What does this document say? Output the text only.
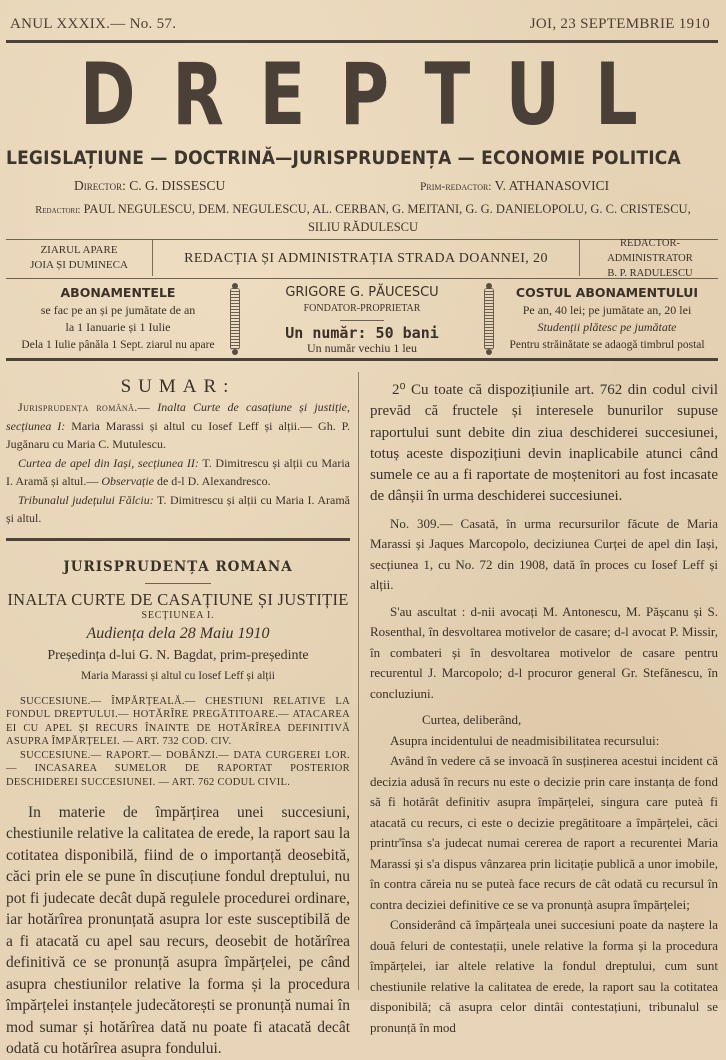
ANUL XXXIX.— No. 57.	JOI, 23 SEPTEMBRIE 1910
D R E P T U L
LEGISLAȚIUNE — DOCTRINĂ—JURISPRUDENȚA — ECONOMIE POLITICA
Director: C. G. DISSESCU	Prim-redactor: V. ATHANASOVICI
Redactori: PAUL NEGULESCU, DEM. NEGULESCU, AL. CERBAN, G. MEITANI, G. G. DANIELOPOLU, G. C. CRISTESCU,
SILIU RĂDULESCU
ZIARUL APARE
JOIA ȘI DUMINECA	REDACȚIA ȘI ADMINISTRAȚIA STRADA DOANNEI, 20
REDACTOR-ADMINISTRATOR
B. P. RADULESCU
ABONAMENTELE
se fac pe an și pe jumătate de an
la 1 Ianuarie și 1 Iulie
Dela 1 Iulie pânăla 1 Sept. ziarul nu apare
GRIGORE G. PĂUCESCU
FONDATOR-PROPRIETAR
Un număr: 50 bani
Un număr vechiu 1 leu
COSTUL ABONAMENTULUI
Pe an, 40 lei; pe jumătate an, 20 lei
Studenții plătesc pe jumătate
Pentru străinătate se adaogă timbrul postal
SUMAR:

Jurisprudența română.— Inalta Curte de casațiune și justiție, secțiunea I: Maria Marassi și altul cu Iosef Leff și alții.— Gh. P. Jugănaru cu Maria C. Mutulescu.

Curtea de apel din Iași, secțiunea II: T. Dimitrescu și alții cu Maria I. Aramă și altul.— Observație de d-l D. Alexandresco.

Tribunalul județului Fălciu: T. Dimitrescu și alții cu Maria I. Aramă și altul.

JURISPRUDENȚA ROMANA
INALTA CURTE DE CASAȚIUNE ȘI JUSTIȚIE
SECȚIUNEA I.
Audiența dela 28 Maiu 1910
Președința d-lui G. N. Bagdat, prim-președinte
Maria Marassi și altul cu Iosef Leff și alții

SUCCESIUNE.— ÎMPĂRȚEALĂ.— CHESTIUNI RELATIVE LA FONDUL DREPTULUI.— HOTĂRÎRE PREGĂTITOARE.— ATACAREA EI CU APEL ȘI RECURS ÎNAINTE DE HOTĂRÎREA DEFINITIVĂ ASUPRA ÎMPĂRȚELEI. — ART. 732 COD. CIV.

SUCCESIUNE.— RAPORT.— DOBÂNZI.— DATA CURGEREI LOR.— INCASAREA SUMELOR DE RAPORTAT POSTERIOR DESCHIDEREI SUCCESIUNEI. — ART. 762 CODUL CIVIL.

In materie de împărțirea unei succesiuni, chestiunile relative la calitatea de erede, la raport sau la cotitatea disponibilă, fiind de o importanță deosebită, căci prin ele se pune în discuțiune fondul dreptului, nu pot fi judecate decât după regulele procedurei ordinare, iar hotărîrea pronunțată asupra lor este susceptibilă de a fi atacată cu apel sau recurs, deosebit de hotărîrea definitivă ce se pronunță asupra împărțelei, pe când asupra chestiunilor relative la forma și la procedura împărțelei instanțele judecătorești se pronunță numai în mod sumar și hotărîrea dată nu poate fi atacată decât odată cu hotărîrea asupra fondului.

2⁰ Cu toate că dispozițiunile art. 762 din codul civil prevăd că fructele și interesele bunurilor supuse raportului sunt debite din ziua deschiderei succesiunei, totuș aceste dispozițiuni devin inaplicabile atunci când sumele ce au a fi raportate de moștenitori au fost incasate de dânșii în urma deschiderei succesiunei.

No. 309.— Casată, în urma recursurilor făcute de Maria Marassi și Jaques Marcopolo, deciziunea Curței de apel din Iași, secțiunea 1, cu No. 72 din 1908, dată în proces cu Iosef Leff și alții.

S'au ascultat : d-nii avocați M. Antonescu, M. Pășcanu și S. Rosenthal, în desvoltarea motivelor de casare; d-l avocat P. Missir, în combateri și în desvoltarea motivelor de casare pentru recurentul J. Marcopolo; d-l procuror general Gr. Stefănescu, în concluziuni.

Curtea, deliberând,

Asupra incidentului de neadmisibilitatea recursului:

Având în vedere că se invoacă în susținerea acestui incident că decizia adusă în recurs nu este o decizie prin care instanța de fond să fi hotărât definitiv asupra împărțelei, singura care puteà fi atacată cu recurs, ci este o decizie pregătitoare a împărțelei, căci printr'însa s'a judecat numai cererea de raport a recurentei Maria Marassi și s'a dispus vânzarea prin licitație publică a unor imobile, în contra căreia nu se puteà face recurs de cât odată cu recursul în contra deciziei definitive ce se va pronunțà asupra împărțelei;

Considerând că împărțeala unei succesiuni poate da naștere la două feluri de contestații, unele relative la forma și la procedura împărțelei, iar altele relative la fondul dreptului, cum sunt chestiunile relative la calitatea de erede, la raport sau la cotitatea disponibilă; că asupra celor dintâi contestațiuni, tribunalul se pronunță în mod
